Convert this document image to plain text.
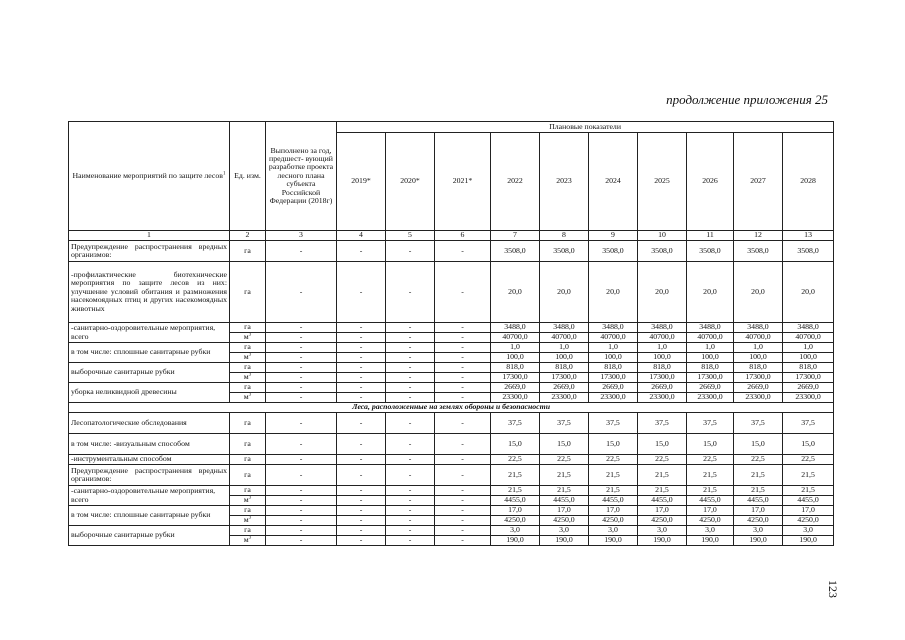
продолжение приложения 25
Наименование мероприятий по защите лесов$^1$	Ед. изм.	Выполнено за год, предшест- вующий разработке проекта лесного плана субъекта Российской Федерации (2018г)	Плановые показатели									
			2019*	2020*	2021*	2022	2023	2024	2025	2026	2027	2028
1	2	3	4	5	6	7	8	9	10	11	12	13
Предупреждение распространения вредных организмов:	га	-	-	-	-	3508,0	3508,0	3508,0	3508,0	3508,0	3508,0	3508,0
-профилактические биотехнические мероприятия по защите лесов из них: улучшение условий обитания и размножения насекомоядных птиц и других насекомоядных животных	га	-	-	-	-	20,0	20,0	20,0	20,0	20,0	20,0	20,0
-санитарно-оздоровительные мероприятия, всего	га	-	-	-	-	3488,0	3488,0	3488,0	3488,0	3488,0	3488,0	3488,0
	$м^3$	-	-	-	-	40700,0	40700,0	40700,0	40700,0	40700,0	40700,0	40700,0
в том числе: сплошные санитарные рубки	га	-	-	-	-	1,0	1,0	1,0	1,0	1,0	1,0	1,0
	$м^3$	-	-	-	-	100,0	100,0	100,0	100,0	100,0	100,0	100,0
выборочные санитарные рубки	га	-	-	-	-	818,0	818,0	818,0	818,0	818,0	818,0	818,0
	$м^3$	-	-	-	-	17300,0	17300,0	17300,0	17300,0	17300,0	17300,0	17300,0
уборка неликвидной древесины	га	-	-	-	-	2669,0	2669,0	2669,0	2669,0	2669,0	2669,0	2669,0
	$м^3$	-	-	-	-	23300,0	23300,0	23300,0	23300,0	23300,0	23300,0	23300,0
Леса, расположенные на землях обороны и безопасности												
Лесопатологические обследования	га	-	-	-	-	37,5	37,5	37,5	37,5	37,5	37,5	37,5
в том числе: -визуальным способом	га	-	-	-	-	15,0	15,0	15,0	15,0	15,0	15,0	15,0
-инструментальным способом	га	-	-	-	-	22,5	22,5	22,5	22,5	22,5	22,5	22,5
Предупреждение распространения вредных организмов:	га	-	-	-	-	21,5	21,5	21,5	21,5	21,5	21,5	21,5
-санитарно-оздоровительные мероприятия, всего	га	-	-	-	-	21,5	21,5	21,5	21,5	21,5	21,5	21,5
	$м^3$	-	-	-	-	4455,0	4455,0	4455,0	4455,0	4455,0	4455,0	4455,0
в том числе: сплошные санитарные рубки	га	-	-	-	-	17,0	17,0	17,0	17,0	17,0	17,0	17,0
	$м^3$	-	-	-	-	4250,0	4250,0	4250,0	4250,0	4250,0	4250,0	4250,0
выборочные санитарные рубки	га	-	-	-	-	3,0	3,0	3,0	3,0	3,0	3,0	3,0
	$м^3$	-	-	-	-	190,0	190,0	190,0	190,0	190,0	190,0	190,0
123
